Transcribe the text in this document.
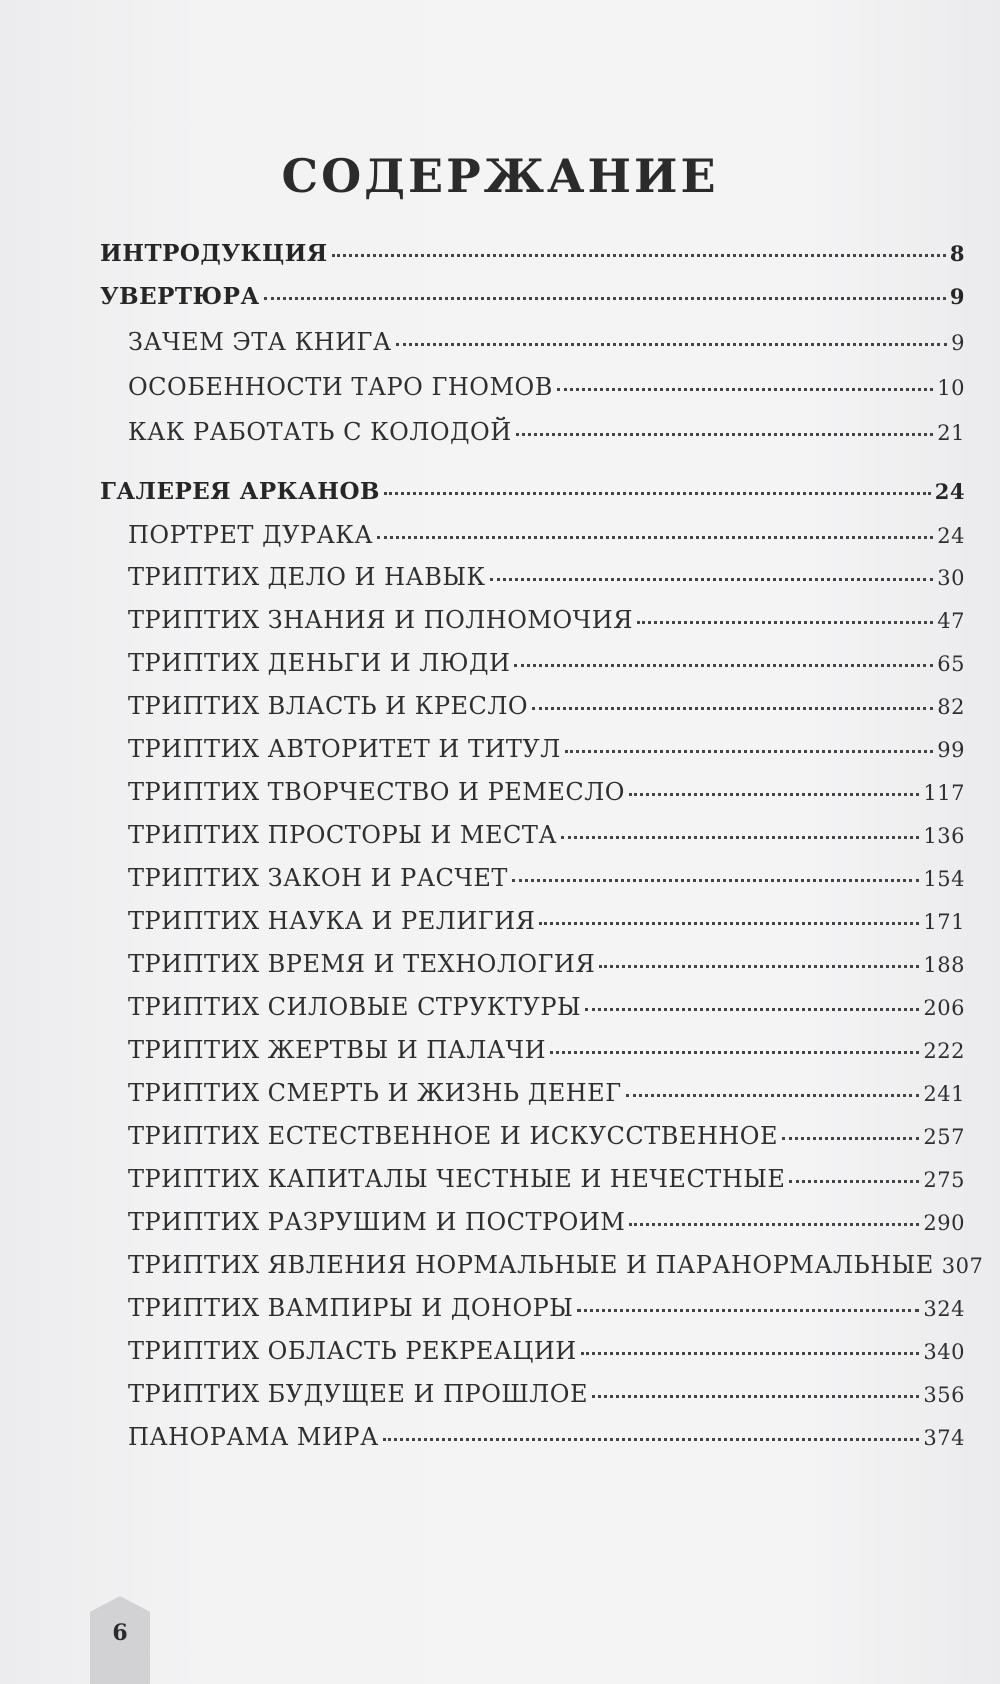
СОДЕРЖАНИЕ
ИНТРОДУКЦИЯ	8
УВЕРТЮРА	9
ЗАЧЕМ ЭТА КНИГА	9
ОСОБЕННОСТИ ТАРО ГНОМОВ	10
КАК РАБОТАТЬ С КОЛОДОЙ	21
ГАЛЕРЕЯ АРКАНОВ	24
ПОРТРЕТ ДУРАКА	24
ТРИПТИХ ДЕЛО И НАВЫК	30
ТРИПТИХ ЗНАНИЯ И ПОЛНОМОЧИЯ	47
ТРИПТИХ ДЕНЬГИ И ЛЮДИ	65
ТРИПТИХ ВЛАСТЬ И КРЕСЛО	82
ТРИПТИХ АВТОРИТЕТ И ТИТУЛ	99
ТРИПТИХ ТВОРЧЕСТВО И РЕМЕСЛО	117
ТРИПТИХ ПРОСТОРЫ И МЕСТА	136
ТРИПТИХ ЗАКОН И РАСЧЕТ	154
ТРИПТИХ НАУКА И РЕЛИГИЯ	171
ТРИПТИХ ВРЕМЯ И ТЕХНОЛОГИЯ	188
ТРИПТИХ СИЛОВЫЕ СТРУКТУРЫ	206
ТРИПТИХ ЖЕРТВЫ И ПАЛАЧИ	222
ТРИПТИХ СМЕРТЬ И ЖИЗНЬ ДЕНЕГ	241
ТРИПТИХ ЕСТЕСТВЕННОЕ И ИСКУССТВЕННОЕ	257
ТРИПТИХ КАПИТАЛЫ ЧЕСТНЫЕ И НЕЧЕСТНЫЕ	275
ТРИПТИХ РАЗРУШИМ И ПОСТРОИМ	290
ТРИПТИХ ЯВЛЕНИЯ НОРМАЛЬНЫЕ И ПАРАНОРМАЛЬНЫЕ 307
ТРИПТИХ ВАМПИРЫ И ДОНОРЫ	324
ТРИПТИХ ОБЛАСТЬ РЕКРЕАЦИИ	340
ТРИПТИХ БУДУЩЕЕ И ПРОШЛОЕ	356
ПАНОРАМА МИРА	374
6
